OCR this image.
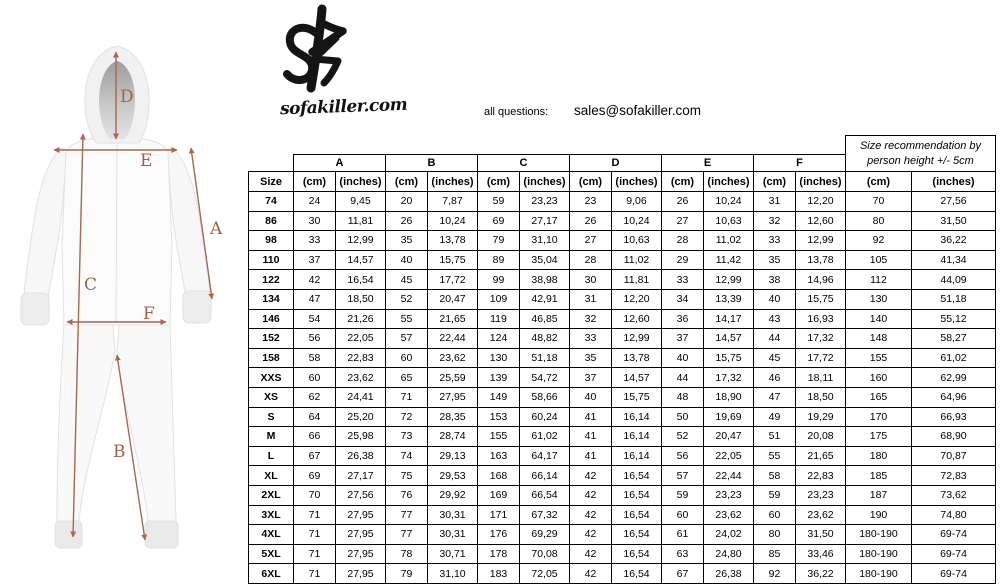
A
B
C
D
E
F
sofakiller.com	all questions: sales@sofakiller.com
													Size recommendation by
person height +/- 5cm	
	A		B		C		D		E		F			
Size	(cm)	(inches)	(cm)	(inches)	(cm)	(inches)	(cm)	(inches)	(cm)	(inches)	(cm)	(inches)	(cm)	(inches)
74	24	9,45	20	7,87	59	23,23	23	9,06	26	10,24	31	12,20	70	27,56
86	30	11,81	26	10,24	69	27,17	26	10,24	27	10,63	32	12,60	80	31,50
98	33	12,99	35	13,78	79	31,10	27	10,63	28	11,02	33	12,99	92	36,22
110	37	14,57	40	15,75	89	35,04	28	11,02	29	11,42	35	13,78	105	41,34
122	42	16,54	45	17,72	99	38,98	30	11,81	33	12,99	38	14,96	112	44,09
134	47	18,50	52	20,47	109	42,91	31	12,20	34	13,39	40	15,75	130	51,18
146	54	21,26	55	21,65	119	46,85	32	12,60	36	14,17	43	16,93	140	55,12
152	56	22,05	57	22,44	124	48,82	33	12,99	37	14,57	44	17,32	148	58,27
158	58	22,83	60	23,62	130	51,18	35	13,78	40	15,75	45	17,72	155	61,02
XXS	60	23,62	65	25,59	139	54,72	37	14,57	44	17,32	46	18,11	160	62,99
XS	62	24,41	71	27,95	149	58,66	40	15,75	48	18,90	47	18,50	165	64,96
S	64	25,20	72	28,35	153	60,24	41	16,14	50	19,69	49	19,29	170	66,93
M	66	25,98	73	28,74	155	61,02	41	16,14	52	20,47	51	20,08	175	68,90
L	67	26,38	74	29,13	163	64,17	41	16,14	56	22,05	55	21,65	180	70,87
XL	69	27,17	75	29,53	168	66,14	42	16,54	57	22,44	58	22,83	185	72,83
2XL	70	27,56	76	29,92	169	66,54	42	16,54	59	23,23	59	23,23	187	73,62
3XL	71	27,95	77	30,31	171	67,32	42	16,54	60	23,62	60	23,62	190	74,80
4XL	71	27,95	77	30,31	176	69,29	42	16,54	61	24,02	80	31,50	180-190	69-74
5XL	71	27,95	78	30,71	178	70,08	42	16,54	63	24,80	85	33,46	180-190	69-74
6XL	71	27,95	79	31,10	183	72,05	42	16,54	67	26,38	92	36,22	180-190	69-74
